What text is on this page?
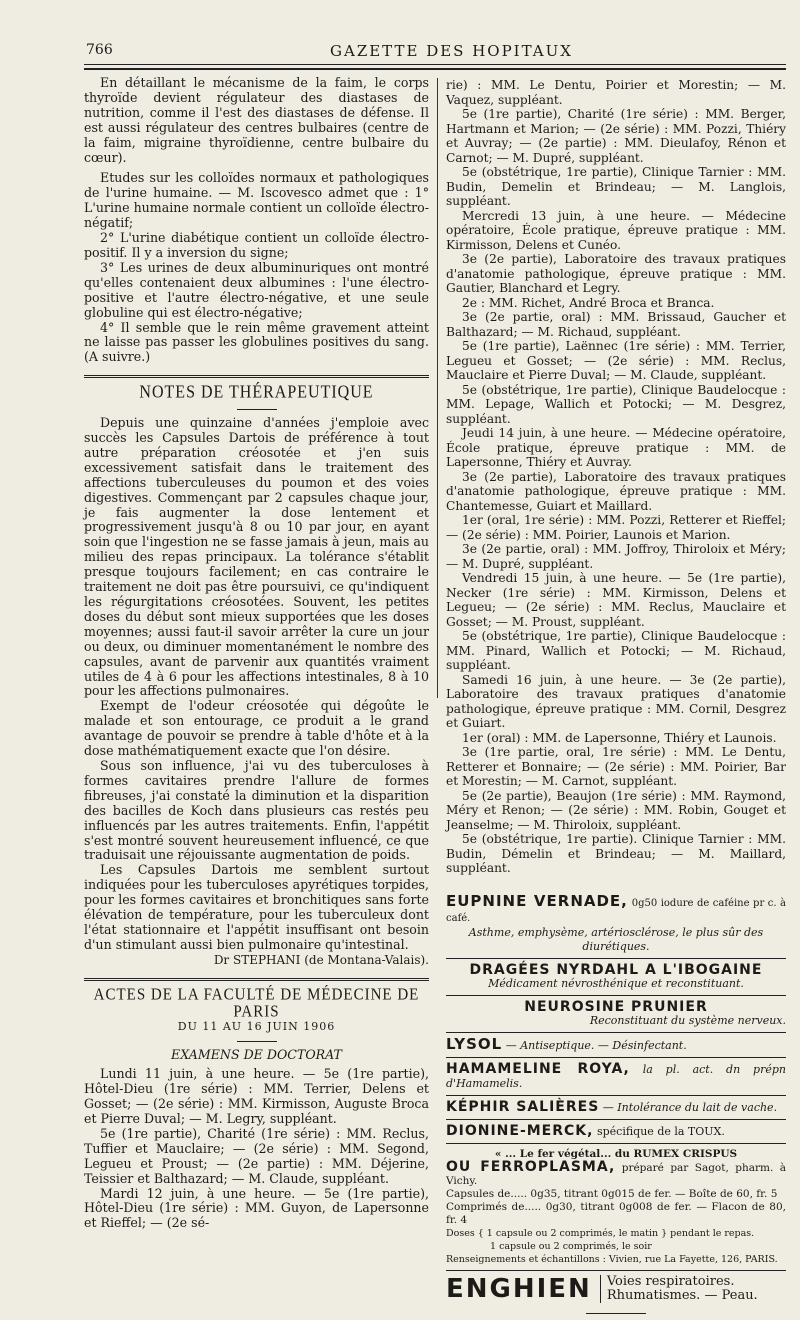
766	GAZETTE DES HOPITAUX

En détaillant le mécanisme de la faim, le corps thyroïde devient régulateur des diastases de nutrition, comme il l'est des diastases de défense. Il est aussi régulateur des centres bulbaires (centre de la faim, migraine thyroïdienne, centre bulbaire du cœur).

Etudes sur les colloïdes normaux et pathologiques de l'urine humaine. — M. Iscovesco admet que : 1° L'urine humaine normale contient un colloïde électro-négatif;

2° L'urine diabétique contient un colloïde électro-positif. Il y a inversion du signe;

3° Les urines de deux albuminuriques ont montré qu'elles contenaient deux albumines : l'une électro-positive et l'autre électro-négative, et une seule globuline qui est électro-négative;

4° Il semble que le rein même gravement atteint ne laisse pas passer les globulines positives du sang. (A suivre.)

NOTES DE THÉRAPEUTIQUE

Depuis une quinzaine d'années j'emploie avec succès les Capsules Dartois de préférence à tout autre préparation créosotée et j'en suis excessivement satisfait dans le traitement des affections tuberculeuses du poumon et des voies digestives. Commençant par 2 capsules chaque jour, je fais augmenter la dose lentement et progressivement jusqu'à 8 ou 10 par jour, en ayant soin que l'ingestion ne se fasse jamais à jeun, mais au milieu des repas principaux. La tolérance s'établit presque toujours facilement; en cas contraire le traitement ne doit pas être poursuivi, ce qu'indiquent les régurgitations créosotées. Souvent, les petites doses du début sont mieux supportées que les doses moyennes; aussi faut-il savoir arrêter la cure un jour ou deux, ou diminuer momentanément le nombre des capsules, avant de parvenir aux quantités vraiment utiles de 4 à 6 pour les affections intestinales, 8 à 10 pour les affections pulmonaires.

Exempt de l'odeur créosotée qui dégoûte le malade et son entourage, ce produit a le grand avantage de pouvoir se prendre à table d'hôte et à la dose mathématiquement exacte que l'on désire.

Sous son influence, j'ai vu des tuberculoses à formes cavitaires prendre l'allure de formes fibreuses, j'ai constaté la diminution et la disparition des bacilles de Koch dans plusieurs cas restés peu influencés par les autres traitements. Enfin, l'appétit s'est montré souvent heureusement influencé, ce que traduisait une réjouissante augmentation de poids.

Les Capsules Dartois me semblent surtout indiquées pour les tuberculoses apyrétiques torpides, pour les formes cavitaires et bronchitiques sans forte élévation de température, pour les tuberculeux dont l'état stationnaire et l'appétit insuffisant ont besoin d'un stimulant aussi bien pulmonaire qu'intestinal.

Dr STEPHANI (de Montana-Valais).
ACTES DE LA FACULTÉ DE MÉDECINE DE PARIS
DU 11 AU 16 JUIN 1906
EXAMENS DE DOCTORAT

Lundi 11 juin, à une heure. — 5e (1re partie), Hôtel-Dieu (1re série) : MM. Terrier, Delens et Gosset; — (2e série) : MM. Kirmisson, Auguste Broca et Pierre Duval; — M. Legry, suppléant.

5e (1re partie), Charité (1re série) : MM. Reclus, Tuffier et Mauclaire; — (2e série) : MM. Segond, Legueu et Proust; — (2e partie) : MM. Déjerine, Teissier et Balthazard; — M. Claude, suppléant.

Mardi 12 juin, à une heure. — 5e (1re partie), Hôtel-Dieu (1re série) : MM. Guyon, de Lapersonne et Rieffel; — (2e sé-

rie) : MM. Le Dentu, Poirier et Morestin; — M. Vaquez, suppléant.

5e (1re partie), Charité (1re série) : MM. Berger, Hartmann et Marion; — (2e série) : MM. Pozzi, Thiéry et Auvray; — (2e partie) : MM. Dieulafoy, Rénon et Carnot; — M. Dupré, suppléant.

5e (obstétrique, 1re partie), Clinique Tarnier : MM. Budin, Demelin et Brindeau; — M. Langlois, suppléant.

Mercredi 13 juin, à une heure. — Médecine opératoire, École pratique, épreuve pratique : MM. Kirmisson, Delens et Cunéo.

3e (2e partie), Laboratoire des travaux pratiques d'anatomie pathologique, épreuve pratique : MM. Gautier, Blanchard et Legry.

2e : MM. Richet, André Broca et Branca.

3e (2e partie, oral) : MM. Brissaud, Gaucher et Balthazard; — M. Richaud, suppléant.

5e (1re partie), Laënnec (1re série) : MM. Terrier, Legueu et Gosset; — (2e série) : MM. Reclus, Mauclaire et Pierre Duval; — M. Claude, suppléant.

5e (obstétrique, 1re partie), Clinique Baudelocque : MM. Lepage, Wallich et Potocki; — M. Desgrez, suppléant.

Jeudi 14 juin, à une heure. — Médecine opératoire, École pratique, épreuve pratique : MM. de Lapersonne, Thiéry et Auvray.

3e (2e partie), Laboratoire des travaux pratiques d'anatomie pathologique, épreuve pratique : MM. Chantemesse, Guiart et Maillard.

1er (oral, 1re série) : MM. Pozzi, Retterer et Rieffel; — (2e série) : MM. Poirier, Launois et Marion.

3e (2e partie, oral) : MM. Joffroy, Thiroloix et Méry; — M. Dupré, suppléant.

Vendredi 15 juin, à une heure. — 5e (1re partie), Necker (1re série) : MM. Kirmisson, Delens et Legueu; — (2e série) : MM. Reclus, Mauclaire et Gosset; — M. Proust, suppléant.

5e (obstétrique, 1re partie), Clinique Baudelocque : MM. Pinard, Wallich et Potocki; — M. Richaud, suppléant.

Samedi 16 juin, à une heure. — 3e (2e partie), Laboratoire des travaux pratiques d'anatomie pathologique, épreuve pratique : MM. Cornil, Desgrez et Guiart.

1er (oral) : MM. de Lapersonne, Thiéry et Launois.

3e (1re partie, oral, 1re série) : MM. Le Dentu, Retterer et Bonnaire; — (2e série) : MM. Poirier, Bar et Morestin; — M. Carnot, suppléant.

5e (2e partie), Beaujon (1re série) : MM. Raymond, Méry et Renon; — (2e série) : MM. Robin, Gouget et Jeanselme; — M. Thiroloix, suppléant.

5e (obstétrique, 1re partie). Clinique Tarnier : MM. Budin, Démelin et Brindeau; — M. Maillard, suppléant.

EUPNINE VERNADE, 0g50 iodure de caféine pr c. à café.
Asthme, emphysème, artériosclérose, le plus sûr des diurétiques.
DRAGÉES NYRDAHL A L'IBOGAINE
Médicament névrosthénique et reconstituant.
NEUROSINE PRUNIER
Reconstituant du système nerveux.
LYSOL — Antiseptique. — Désinfectant.
HAMAMELINE ROYA, la pl. act. dn prépn d'Hamamelis.
KÉPHIR SALIÈRES — Intolérance du lait de vache.
DIONINE-MERCK, spécifique de la TOUX.
« ... Le fer végétal... du RUMEX CRISPUS
OU FERROPLASMA, préparé par Sagot, pharm. à Vichy.
Capsules de..... 0g35, titrant 0g015 de fer. — Boîte de 60, fr. 5
Comprimés de..... 0g30, titrant 0g008 de fer. — Flacon de 80, fr. 4
Doses { 1 capsule ou 2 comprimés, le matin } pendant le repas.
1 capsule ou 2 comprimés, le soir
Renseignements et échantillons : Vivien, rue La Fayette, 126, PARIS.
ENGHIEN Voies respiratoires.
Rhumatismes. — Peau.
